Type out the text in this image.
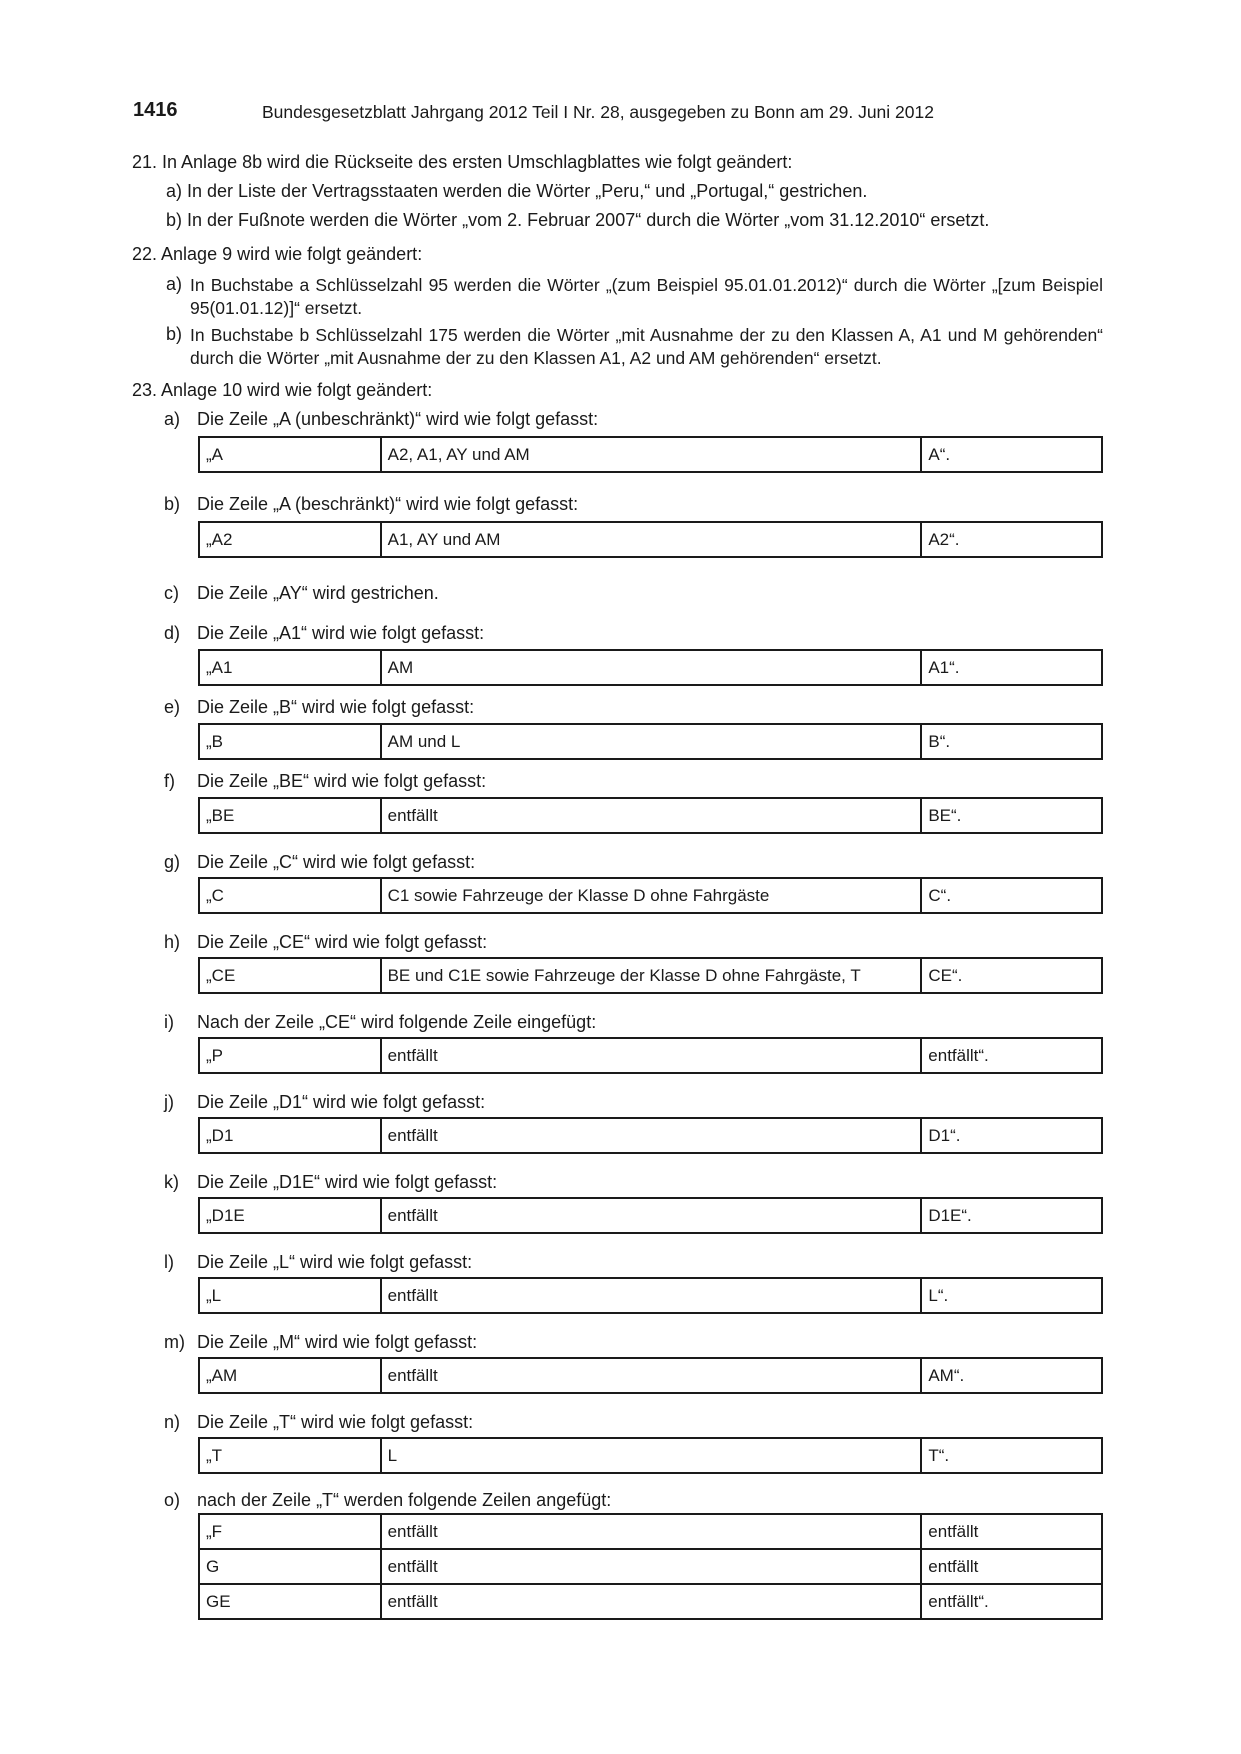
1416	Bundesgesetzblatt Jahrgang 2012 Teil I Nr. 28, ausgegeben zu Bonn am 29. Juni 2012
21. In Anlage 8b wird die Rückseite des ersten Umschlagblattes wie folgt geändert:
a) In der Liste der Vertragsstaaten werden die Wörter „Peru,“ und „Portugal,“ gestrichen.
b) In der Fußnote werden die Wörter „vom 2. Februar 2007“ durch die Wörter „vom 31.12.2010“ ersetzt.
22. Anlage 9 wird wie folgt geändert:
a) In Buchstabe a Schlüsselzahl 95 werden die Wörter „(zum Beispiel 95.01.01.2012)“ durch die Wörter „[zum Beispiel 95(01.01.12)]“ ersetzt.
b) In Buchstabe b Schlüsselzahl 175 werden die Wörter „mit Ausnahme der zu den Klassen A, A1 und M gehörenden“ durch die Wörter „mit Ausnahme der zu den Klassen A1, A2 und AM gehörenden“ ersetzt.
23. Anlage 10 wird wie folgt geändert:
a) Die Zeile „A (unbeschränkt)“ wird wie folgt gefasst:
„A	A2, A1, AY und AM	A“.
b) Die Zeile „A (beschränkt)“ wird wie folgt gefasst:
„A2	A1, AY und AM	A2“.
c) Die Zeile „AY“ wird gestrichen.
d) Die Zeile „A1“ wird wie folgt gefasst:
„A1	AM	A1“.
e) Die Zeile „B“ wird wie folgt gefasst:
„B	AM und L	B“.
f) Die Zeile „BE“ wird wie folgt gefasst:
„BE	entfällt	BE“.
g) Die Zeile „C“ wird wie folgt gefasst:
„C	C1 sowie Fahrzeuge der Klasse D ohne Fahrgäste	C“.
h) Die Zeile „CE“ wird wie folgt gefasst:
„CE	BE und C1E sowie Fahrzeuge der Klasse D ohne Fahrgäste, T	CE“.
i) Nach der Zeile „CE“ wird folgende Zeile eingefügt:
„P	entfällt	entfällt“.
j) Die Zeile „D1“ wird wie folgt gefasst:
„D1	entfällt	D1“.
k) Die Zeile „D1E“ wird wie folgt gefasst:
„D1E	entfällt	D1E“.
l) Die Zeile „L“ wird wie folgt gefasst:
„L	entfällt	L“.
m) Die Zeile „M“ wird wie folgt gefasst:
„AM	entfällt	AM“.
n) Die Zeile „T“ wird wie folgt gefasst:
„T	L	T“.
o) nach der Zeile „T“ werden folgende Zeilen angefügt:
„F	entfällt	entfällt
G	entfällt	entfällt
GE	entfällt	entfällt“.
